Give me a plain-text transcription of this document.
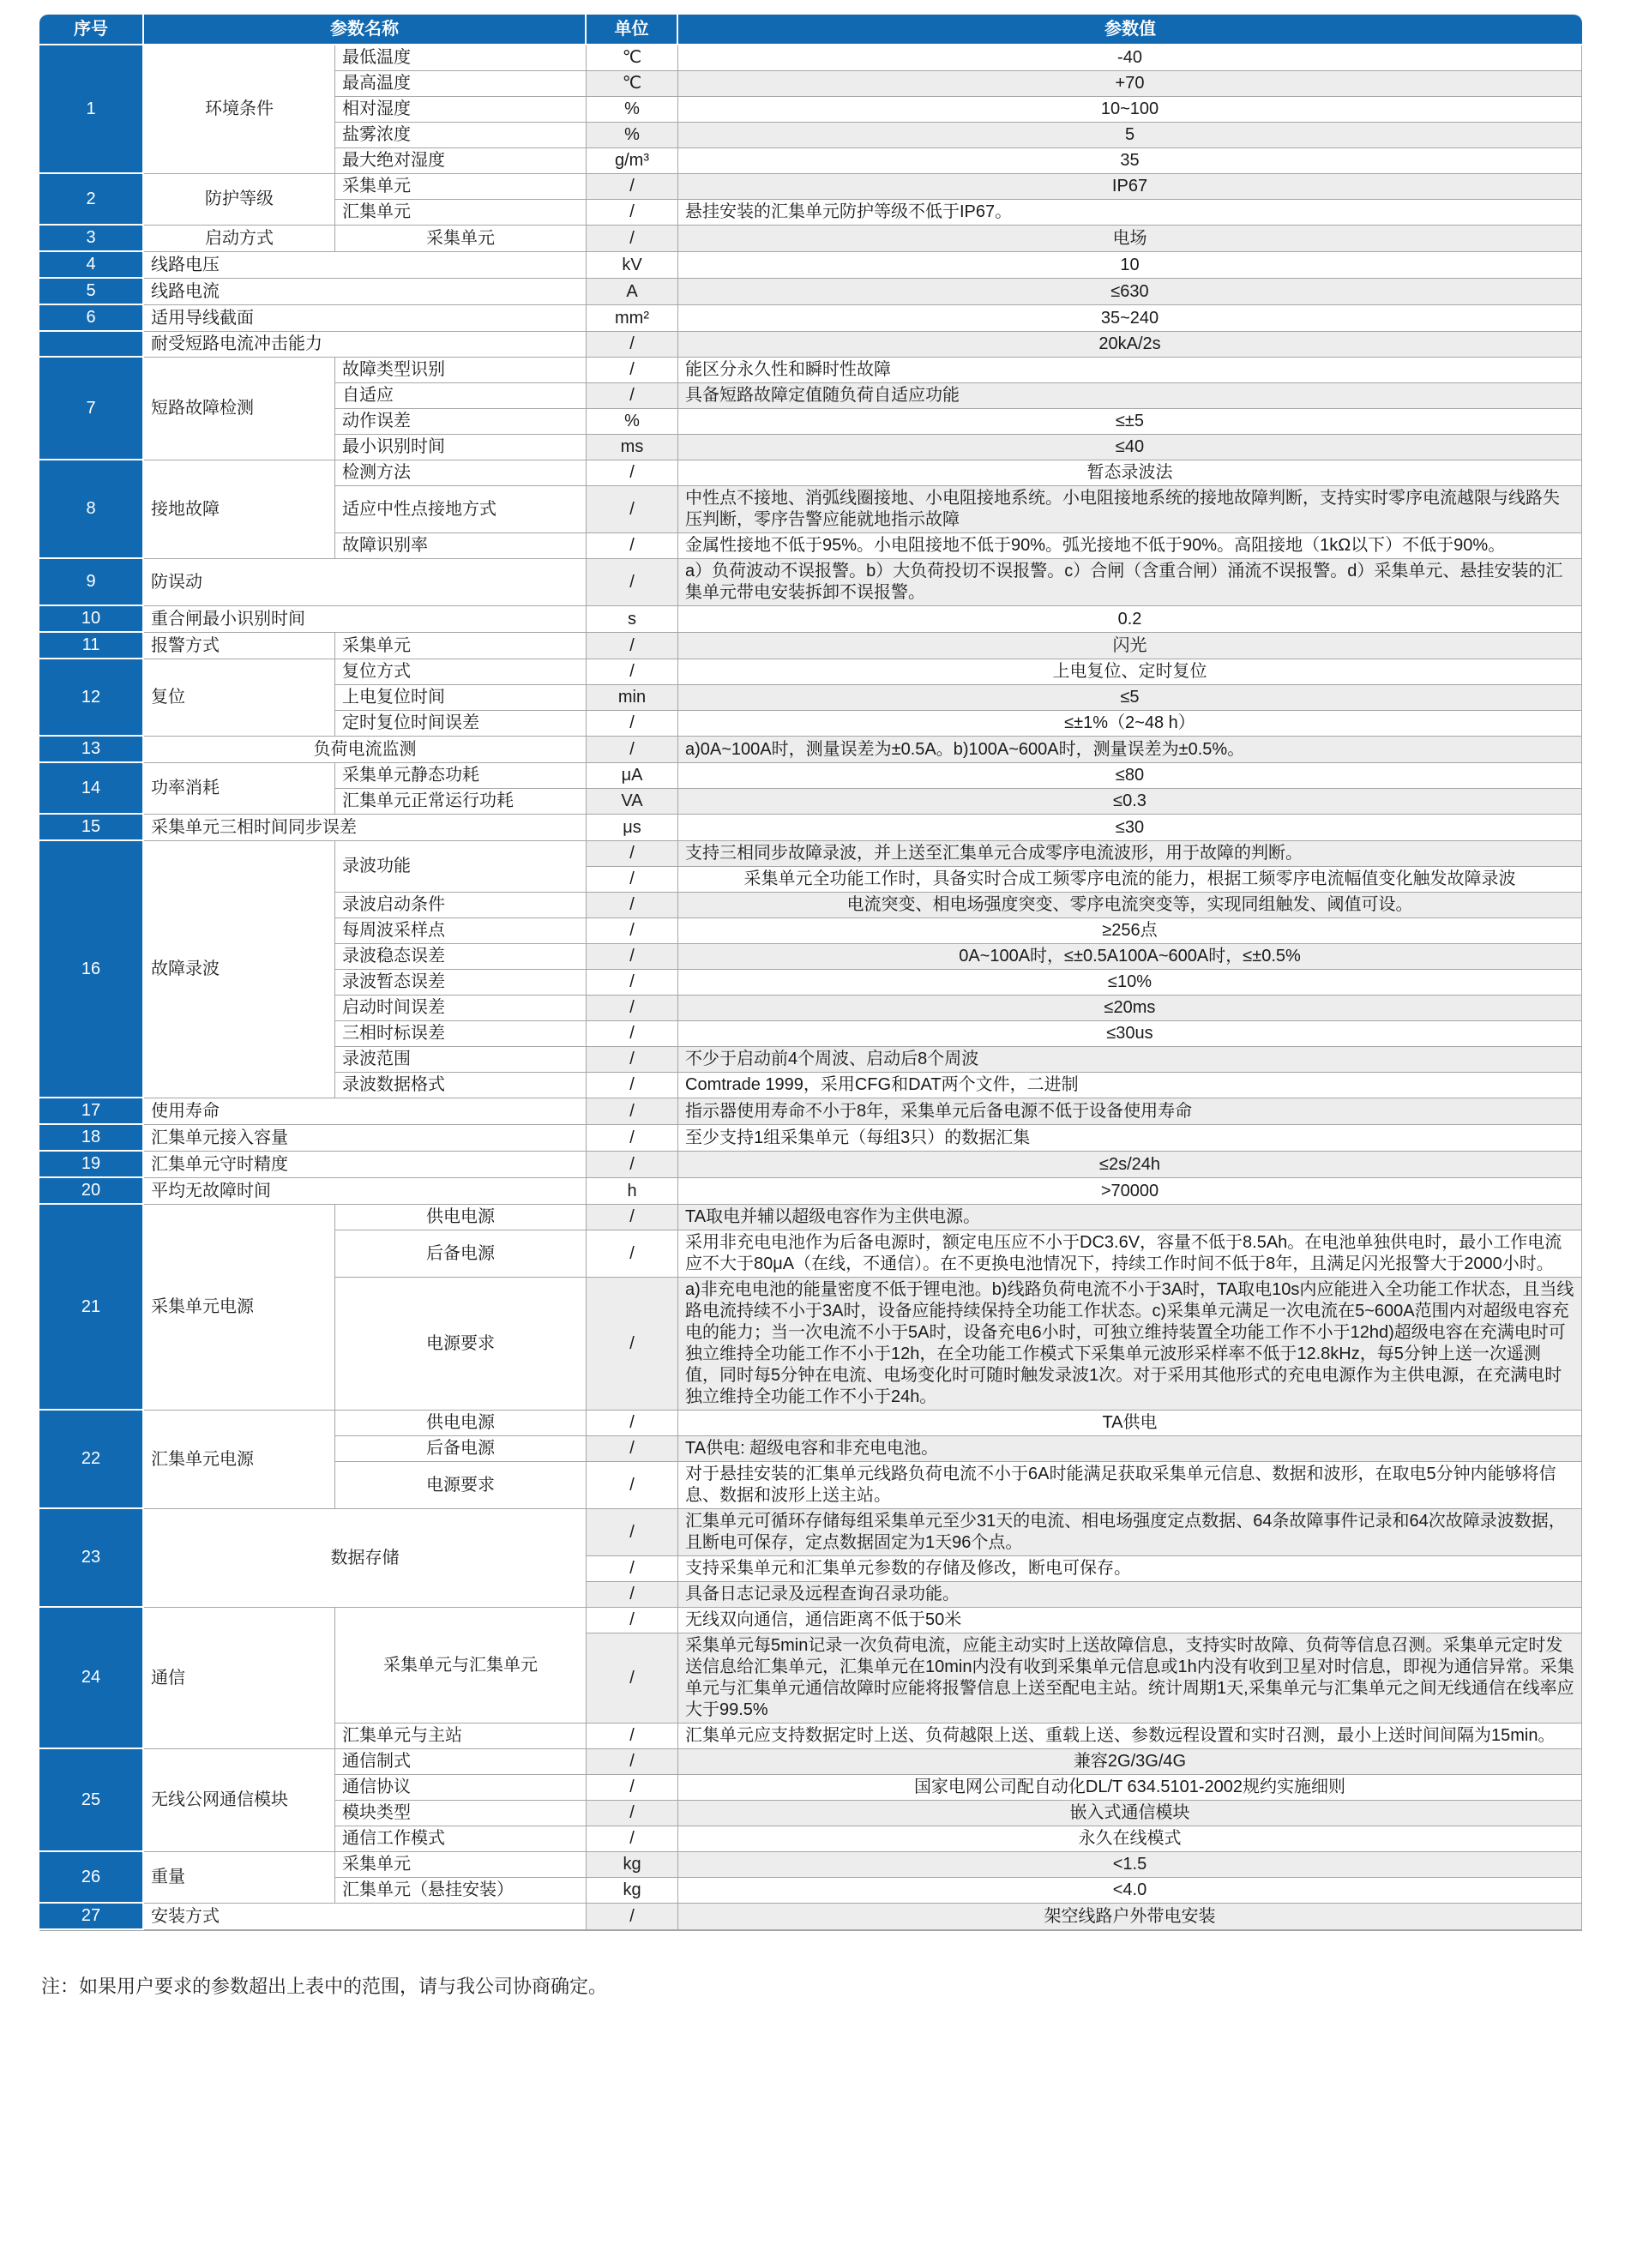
序号	参数名称		单位	参数值
1	环境条件	最低温度	℃	-40
		最高温度	℃	+70
		相对湿度	%	10~100
		盐雾浓度	%	5
		最大绝对湿度	g/m³	35
2	防护等级	采集单元	/	IP67
		汇集单元	/	悬挂安装的汇集单元防护等级不低于IP67。
3	启动方式	采集单元	/	电场
4	线路电压		kV	10
5	线路电流		A	≤630
6	适用导线截面		mm²	35~240
	耐受短路电流冲击能力		/	20kA/2s
7	短路故障检测	故障类型识别	/	能区分永久性和瞬时性故障
		自适应	/	具备短路故障定值随负荷自适应功能
		动作误差	%	≤±5
		最小识别时间	ms	≤40
8	接地故障	检测方法	/	暂态录波法
		适应中性点接地方式	/	中性点不接地、消弧线圈接地、小电阻接地系统。小电阻接地系统的接地故障判断，支持实时零序电流越限与线路失压判断，零序告警应能就地指示故障
		故障识别率	/	金属性接地不低于95%。小电阻接地不低于90%。弧光接地不低于90%。高阻接地（1kΩ以下）不低于90%。
9	防误动		/	a）负荷波动不误报警。b）大负荷投切不误报警。c）合闸（含重合闸）涌流不误报警。d）采集单元、悬挂安装的汇集单元带电安装拆卸不误报警。
10	重合闸最小识别时间		s	0.2
11	报警方式	采集单元	/	闪光
12	复位	复位方式	/	上电复位、定时复位
		上电复位时间	min	≤5
		定时复位时间误差	/	≤±1%（2~48 h）
13	负荷电流监测		/	a)0A~100A时，测量误差为±0.5A。b)100A~600A时，测量误差为±0.5%。
14	功率消耗	采集单元静态功耗	μA	≤80
		汇集单元正常运行功耗	VA	≤0.3
15	采集单元三相时间同步误差		μs	≤30
16	故障录波	录波功能	/	支持三相同步故障录波，并上送至汇集单元合成零序电流波形，用于故障的判断。
			/	采集单元全功能工作时，具备实时合成工频零序电流的能力，根据工频零序电流幅值变化触发故障录波
		录波启动条件	/	电流突变、相电场强度突变、零序电流突变等，实现同组触发、阈值可设。
		每周波采样点	/	≥256点
		录波稳态误差	/	0A~100A时，≤±0.5A100A~600A时，≤±0.5%
		录波暂态误差	/	≤10%
		启动时间误差	/	≤20ms
		三相时标误差	/	≤30us
		录波范围	/	不少于启动前4个周波、启动后8个周波
		录波数据格式	/	Comtrade 1999，采用CFG和DAT两个文件，二进制
17	使用寿命		/	指示器使用寿命不小于8年，采集单元后备电源不低于设备使用寿命
18	汇集单元接入容量		/	至少支持1组采集单元（每组3只）的数据汇集
19	汇集单元守时精度		/	≤2s/24h
20	平均无故障时间		h	>70000
21	采集单元电源	供电电源	/	TA取电并辅以超级电容作为主供电源。
		后备电源	/	采用非充电电池作为后备电源时，额定电压应不小于DC3.6V，容量不低于8.5Ah。在电池单独供电时，最小工作电流应不大于80μA（在线，不通信）。在不更换电池情况下，持续工作时间不低于8年，且满足闪光报警大于2000小时。
		电源要求	/	a)非充电电池的能量密度不低于锂电池。b)线路负荷电流不小于3A时，TA取电10s内应能进入全功能工作状态，且当线路电流持续不小于3A时，设备应能持续保持全功能工作状态。c)采集单元满足一次电流在5~600A范围内对超级电容充电的能力；当一次电流不小于5A时，设备充电6小时，可独立维持装置全功能工作不小于12hd)超级电容在充满电时可独立维持全功能工作不小于12h，在全功能工作模式下采集单元波形采样率不低于12.8kHz，每5分钟上送一次遥测值，同时每5分钟在电流、电场变化时可随时触发录波1次。对于采用其他形式的充电电源作为主供电源，在充满电时独立维持全功能工作不小于24h。
22	汇集单元电源	供电电源	/	TA供电
		后备电源	/	TA供电: 超级电容和非充电电池。
		电源要求	/	对于悬挂安装的汇集单元线路负荷电流不小于6A时能满足获取采集单元信息、数据和波形，在取电5分钟内能够将信息、数据和波形上送主站。
23	数据存储		/	汇集单元可循环存储每组采集单元至少31天的电流、相电场强度定点数据、64条故障事件记录和64次故障录波数据，且断电可保存，定点数据固定为1天96个点。
			/	支持采集单元和汇集单元参数的存储及修改，断电可保存。
			/	具备日志记录及远程查询召录功能。
24	通信	采集单元与汇集单元	/	无线双向通信，通信距离不低于50米
			/	采集单元每5min记录一次负荷电流，应能主动实时上送故障信息，支持实时故障、负荷等信息召测。采集单元定时发送信息给汇集单元，汇集单元在10min内没有收到采集单元信息或1h内没有收到卫星对时信息，即视为通信异常。采集单元与汇集单元通信故障时应能将报警信息上送至配电主站。统计周期1天,采集单元与汇集单元之间无线通信在线率应大于99.5%
		汇集单元与主站	/	汇集单元应支持数据定时上送、负荷越限上送、重载上送、参数远程设置和实时召测，最小上送时间间隔为15min。
25	无线公网通信模块	通信制式	/	兼容2G/3G/4G
		通信协议	/	国家电网公司配自动化DL/T 634.5101-2002规约实施细则
		模块类型	/	嵌入式通信模块
		通信工作模式	/	永久在线模式
26	重量	采集单元	kg	<1.5
		汇集单元（悬挂安装）	kg	<4.0
27	安装方式		/	架空线路户外带电安装
注：如果用户要求的参数超出上表中的范围，请与我公司协商确定。
